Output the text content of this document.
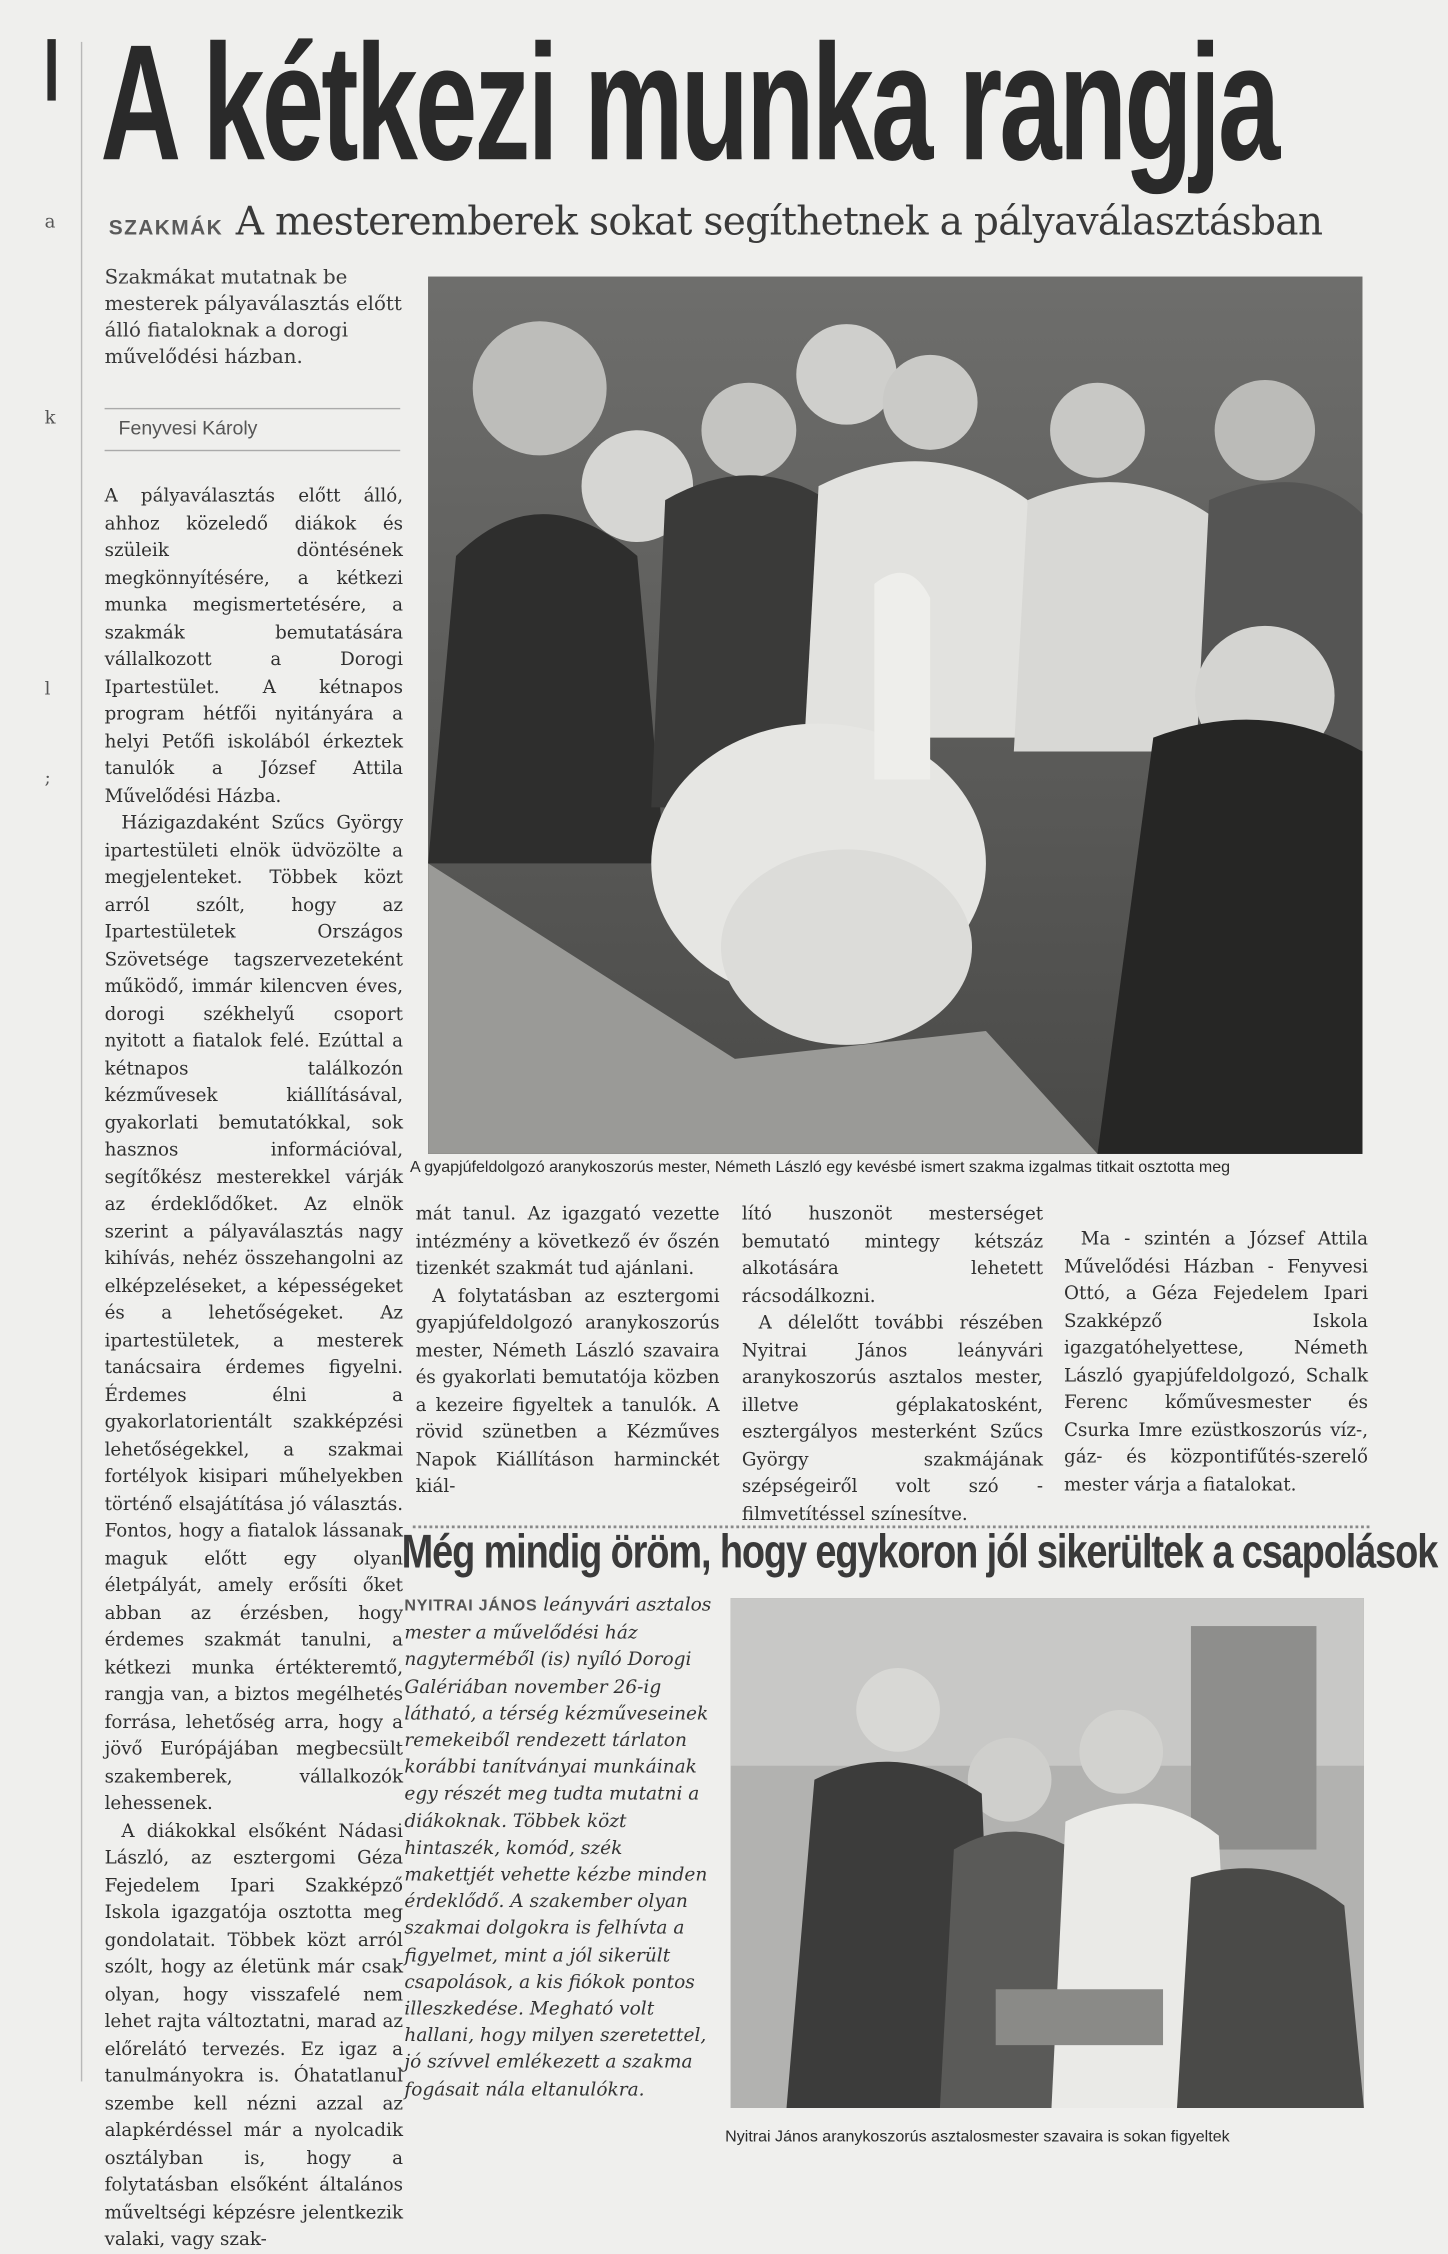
a
k
l
;
A kétkezi munka rangja
SZAKMÁK A mesteremberek sokat segíthetnek a pályaválasztásban
Szakmákat mutatnak be mesterek pályaválasztás előtt álló fiataloknak a dorogi művelődési házban.
Fenyvesi Károly

A pályaválasztás előtt álló, ahhoz közeledő diákok és szüleik döntésének megkönnyítésére, a kétkezi munka megismertetésére, a szakmák bemutatására vállalkozott a Dorogi Ipartestület. A kétnapos program hétfői nyitányára a helyi Petőfi iskolából érkeztek tanulók a József Attila Művelődési Házba.

Házigazdaként Szűcs György ipartestületi elnök üdvözölte a megjelenteket. Többek közt arról szólt, hogy az Ipartestületek Országos Szövetsége tagszervezeteként működő, immár kilencven éves, dorogi székhelyű csoport nyitott a fiatalok felé. Ezúttal a kétnapos találkozón kézművesek kiállításával, gyakorlati bemutatókkal, sok hasznos információval, segítőkész mesterekkel várják az érdeklődőket. Az elnök szerint a pályaválasztás nagy kihívás, nehéz összehangolni az elképzeléseket, a képességeket és a lehetőségeket. Az ipartestületek, a mesterek tanácsaira érdemes figyelni. Érdemes élni a gyakorlatorientált szakképzési lehetőségekkel, a szakmai fortélyok kisipari műhelyekben történő elsajátítása jó választás. Fontos, hogy a fiatalok lássanak maguk előtt egy olyan életpályát, amely erősíti őket abban az érzésben, hogy érdemes szakmát tanulni, a kétkezi munka értékteremtő, rangja van, a biztos megélhetés forrása, lehetőség arra, hogy a jövő Európájában megbecsült szakemberek, vállalkozók lehessenek.

A diákokkal elsőként Nádasi László, az esztergomi Géza Fejedelem Ipari Szakképző Iskola igazgatója osztotta meg gondolatait. Többek közt arról szólt, hogy az életünk már csak olyan, hogy visszafelé nem lehet rajta változtatni, marad az előrelátó tervezés. Ez igaz a tanulmányokra is. Óhatatlanul szembe kell nézni azzal az alapkérdéssel már a nyolcadik osztályban is, hogy a folytatásban elsőként általános műveltségi képzésre jelentkezik valaki, vagy szak-

A gyapjúfeldolgozó aranykoszorús mester, Németh László egy kevésbé ismert szakma izgalmas titkait osztotta meg

mát tanul. Az igazgató vezette intézmény a következő év őszén tizenkét szakmát tud ajánlani.

A folytatásban az esztergomi gyapjúfeldolgozó aranykoszorús mester, Németh László szavaira és gyakorlati bemutatója közben a kezeire figyeltek a tanulók. A rövid szünetben a Kézműves Napok Kiállításon harminckét kiál-

lító huszonöt mesterséget bemutató mintegy kétszáz alkotására lehetett rácsodálkozni.

A délelőtt további részében Nyitrai János leányvári aranykoszorús asztalos mester, illetve géplakatosként, esztergályos mesterként Szűcs György szakmájának szépségeiről volt szó - filmvetítéssel színesítve.

Ma - szintén a József Attila Művelődési Házban - Fenyvesi Ottó, a Géza Fejedelem Ipari Szakképző Iskola igazgatóhelyettese, Németh László gyapjúfeldolgozó, Schalk Ferenc kőművesmester és Csurka Imre ezüstkoszorús víz-, gáz- és központifűtés-szerelő mester várja a fiatalokat.

Még mindig öröm, hogy egykoron jól sikerültek a csapolások
NYITRAI JÁNOS leányvári asztalos mester a művelődési ház nagyterméből (is) nyíló Dorogi Galériában november 26-ig látható, a térség kézműveseinek remekeiből rendezett tárlaton korábbi tanítványai munkáinak egy részét meg tudta mutatni a diákoknak. Többek közt hintaszék, komód, szék makettjét vehette kézbe minden érdeklődő. A szakember olyan szakmai dolgokra is felhívta a figyelmet, mint a jól sikerült csapolások, a kis fiókok pontos illeszkedése. Megható volt hallani, hogy milyen szeretettel, jó szívvel emlékezett a szakma fogásait nála eltanulókra.
Nyitrai János aranykoszorús asztalosmester szavaira is sokan figyeltek
